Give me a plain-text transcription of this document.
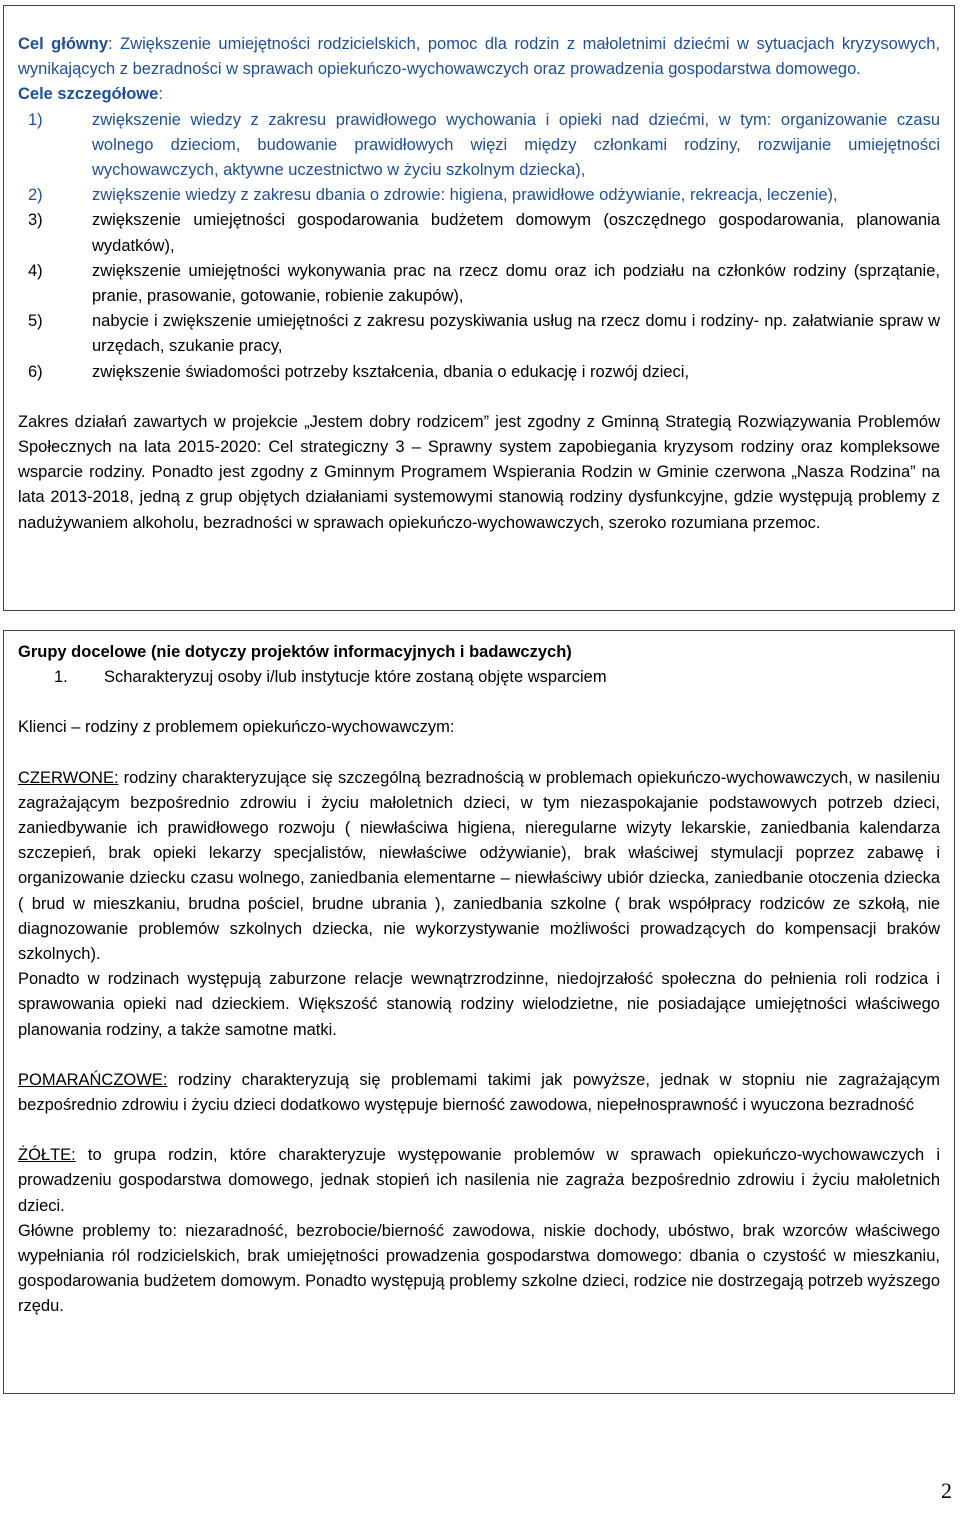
Cel główny: Zwiększenie umiejętności rodzicielskich, pomoc dla rodzin z małoletnimi dziećmi w sytuacjach kryzysowych, wynikających z bezradności w sprawach opiekuńczo-wychowawczych oraz prowadzenia gospodarstwa domowego.

Cele szczegółowe:

1)	zwiększenie wiedzy z zakresu prawidłowego wychowania i opieki nad dziećmi, w tym: organizowanie czasu wolnego dzieciom, budowanie prawidłowych więzi między członkami rodziny, rozwijanie umiejętności wychowawczych, aktywne uczestnictwo w życiu szkolnym dziecka),
2)	zwiększenie wiedzy z zakresu dbania o zdrowie: higiena, prawidłowe odżywianie, rekreacja, leczenie),
3)	zwiększenie umiejętności gospodarowania budżetem domowym (oszczędnego gospodarowania, planowania wydatków),
4)	zwiększenie umiejętności wykonywania prac na rzecz domu oraz ich podziału na członków rodziny (sprzątanie, pranie, prasowanie, gotowanie, robienie zakupów),
5)	nabycie i zwiększenie umiejętności z zakresu pozyskiwania usług na rzecz domu i rodziny- np. załatwianie spraw w urzędach, szukanie pracy,
6)	zwiększenie świadomości potrzeby kształcenia, dbania o edukację i rozwój dzieci,

Zakres działań zawartych w projekcie „Jestem dobry rodzicem” jest zgodny z Gminną Strategią Rozwiązywania Problemów Społecznych na lata 2015-2020: Cel strategiczny 3 – Sprawny system zapobiegania kryzysom rodziny oraz kompleksowe wsparcie rodziny. Ponadto jest zgodny z Gminnym Programem Wspierania Rodzin w Gminie czerwona „Nasza Rodzina” na lata 2013-2018, jedną z grup objętych działaniami systemowymi stanowią rodziny dysfunkcyjne, gdzie występują problemy z nadużywaniem alkoholu, bezradności w sprawach opiekuńczo-wychowawczych, szeroko rozumiana przemoc.

Grupy docelowe (nie dotyczy projektów informacyjnych i badawczych)

1. Scharakteryzuj osoby i/lub instytucje które zostaną objęte wsparciem

Klienci – rodziny z problemem opiekuńczo-wychowawczym:

CZERWONE: rodziny charakteryzujące się szczególną bezradnością w problemach opiekuńczo-wychowawczych, w nasileniu zagrażającym bezpośrednio zdrowiu i życiu małoletnich dzieci, w tym niezaspokajanie podstawowych potrzeb dzieci, zaniedbywanie ich prawidłowego rozwoju ( niewłaściwa higiena, nieregularne wizyty lekarskie, zaniedbania kalendarza szczepień, brak opieki lekarzy specjalistów, niewłaściwe odżywianie), brak właściwej stymulacji poprzez zabawę i organizowanie dziecku czasu wolnego, zaniedbania elementarne – niewłaściwy ubiór dziecka, zaniedbanie otoczenia dziecka ( brud w mieszkaniu, brudna pościel, brudne ubrania ), zaniedbania szkolne ( brak współpracy rodziców ze szkołą, nie diagnozowanie problemów szkolnych dziecka, nie wykorzystywanie możliwości prowadzących do kompensacji braków szkolnych).

Ponadto w rodzinach występują zaburzone relacje wewnątrzrodzinne, niedojrzałość społeczna do pełnienia roli rodzica i sprawowania opieki nad dzieckiem. Większość stanowią rodziny wielodzietne, nie posiadające umiejętności właściwego planowania rodziny, a także samotne matki.

POMARAŃCZOWE: rodziny charakteryzują się problemami takimi jak powyższe, jednak w stopniu nie zagrażającym bezpośrednio zdrowiu i życiu dzieci dodatkowo występuje bierność zawodowa, niepełnosprawność i wyuczona bezradność

ŻÓŁTE: to grupa rodzin, które charakteryzuje występowanie problemów w sprawach opiekuńczo-wychowawczych i prowadzeniu gospodarstwa domowego, jednak stopień ich nasilenia nie zagraża bezpośrednio zdrowiu i życiu małoletnich dzieci.

Główne problemy to: niezaradność, bezrobocie/bierność zawodowa, niskie dochody, ubóstwo, brak wzorców właściwego wypełniania ról rodzicielskich, brak umiejętności prowadzenia gospodarstwa domowego: dbania o czystość w mieszkaniu, gospodarowania budżetem domowym. Ponadto występują problemy szkolne dzieci, rodzice nie dostrzegają potrzeb wyższego rzędu.

2
